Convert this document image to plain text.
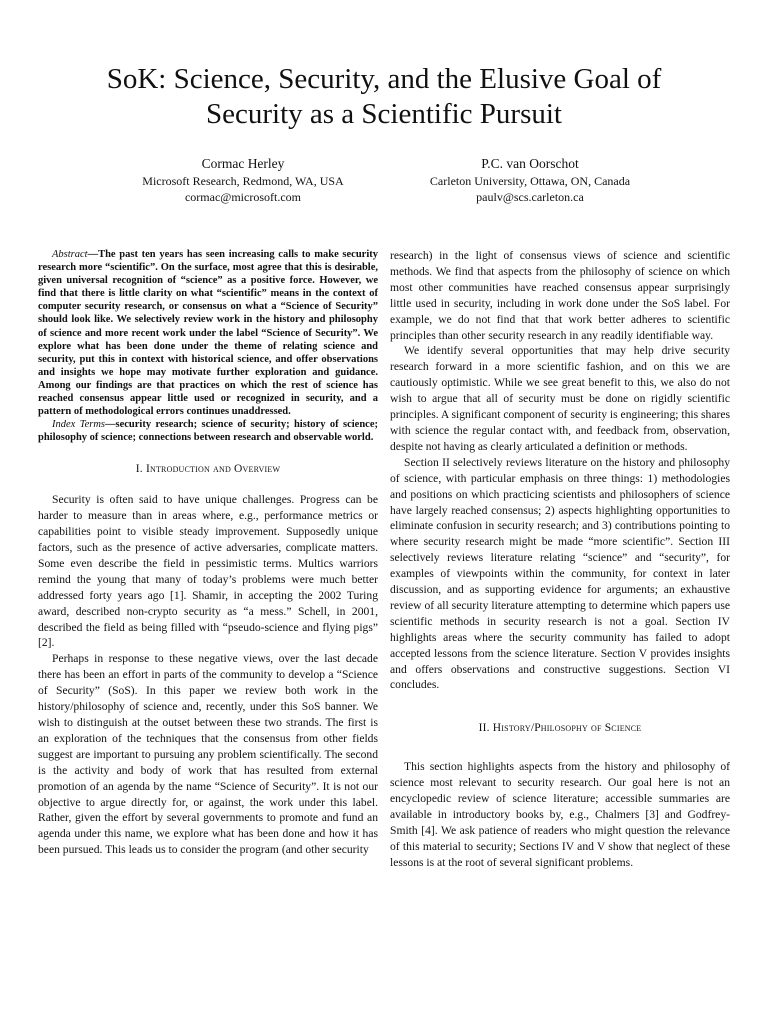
SoK: Science, Security, and the Elusive Goal of
Security as a Scientific Pursuit
Cormac Herley
Microsoft Research, Redmond, WA, USA
cormac@microsoft.com
P.C. van Oorschot
Carleton University, Ottawa, ON, Canada
paulv@scs.carleton.ca

Abstract—The past ten years has seen increasing calls to make security research more “scientific”. On the surface, most agree that this is desirable, given universal recognition of “science” as a positive force. However, we find that there is little clarity on what “scientific” means in the context of computer security research, or consensus on what a “Science of Security” should look like. We selectively review work in the history and philosophy of science and more recent work under the label “Science of Security”. We explore what has been done under the theme of relating science and security, put this in context with historical science, and offer observations and insights we hope may motivate further exploration and guidance. Among our findings are that practices on which the rest of science has reached consensus appear little used or recognized in security, and a pattern of methodological errors continues unaddressed.

Index Terms—security research; science of security; history of science; philosophy of science; connections between research and observable world.

I. Introduction and Overview

Security is often said to have unique challenges. Progress can be harder to measure than in areas where, e.g., performance metrics or capabilities point to visible steady improvement. Supposedly unique factors, such as the presence of active adversaries, complicate matters. Some even describe the field in pessimistic terms. Multics warriors remind the young that many of today’s problems were much better addressed forty years ago [1]. Shamir, in accepting the 2002 Turing award, described non-crypto security as “a mess.” Schell, in 2001, described the field as being filled with “pseudo-science and flying pigs” [2].

Perhaps in response to these negative views, over the last decade there has been an effort in parts of the community to develop a “Science of Security” (SoS). In this paper we review both work in the history/philosophy of science and, recently, under this SoS banner. We wish to distinguish at the outset between these two strands. The first is an exploration of the techniques that the consensus from other fields suggest are important to pursuing any problem scientifically. The second is the activity and body of work that has resulted from external promotion of an agenda by the name “Science of Security”. It is not our objective to argue directly for, or against, the work under this label. Rather, given the effort by several governments to promote and fund an agenda under this name, we explore what has been done and how it has been pursued. This leads us to consider the program (and other security

research) in the light of consensus views of science and scientific methods. We find that aspects from the philosophy of science on which most other communities have reached consensus appear surprisingly little used in security, including in work done under the SoS label. For example, we do not find that that work better adheres to scientific principles than other security research in any readily identifiable way.

We identify several opportunities that may help drive security research forward in a more scientific fashion, and on this we are cautiously optimistic. While we see great benefit to this, we also do not wish to argue that all of security must be done on rigidly scientific principles. A significant component of security is engineering; this shares with science the regular contact with, and feedback from, observation, despite not having as clearly articulated a definition or methods.

Section II selectively reviews literature on the history and philosophy of science, with particular emphasis on three things: 1) methodologies and positions on which practicing scientists and philosophers of science have largely reached consensus; 2) aspects highlighting opportunities to eliminate confusion in security research; and 3) contributions pointing to where security research might be made “more scientific”. Section III selectively reviews literature relating “science” and “security”, for examples of viewpoints within the community, for context in later discussion, and as supporting evidence for arguments; an exhaustive review of all security literature attempting to determine which papers use scientific methods in security research is not a goal. Section IV highlights areas where the security community has failed to adopt accepted lessons from the science literature. Section V provides insights and offers observations and constructive suggestions. Section VI concludes.

II. History/Philosophy of Science

This section highlights aspects from the history and philosophy of science most relevant to security research. Our goal here is not an encyclopedic review of science literature; accessible summaries are available in introductory books by, e.g., Chalmers [3] and Godfrey-Smith [4]. We ask patience of readers who might question the relevance of this material to security; Sections IV and V show that neglect of these lessons is at the root of several significant problems.
